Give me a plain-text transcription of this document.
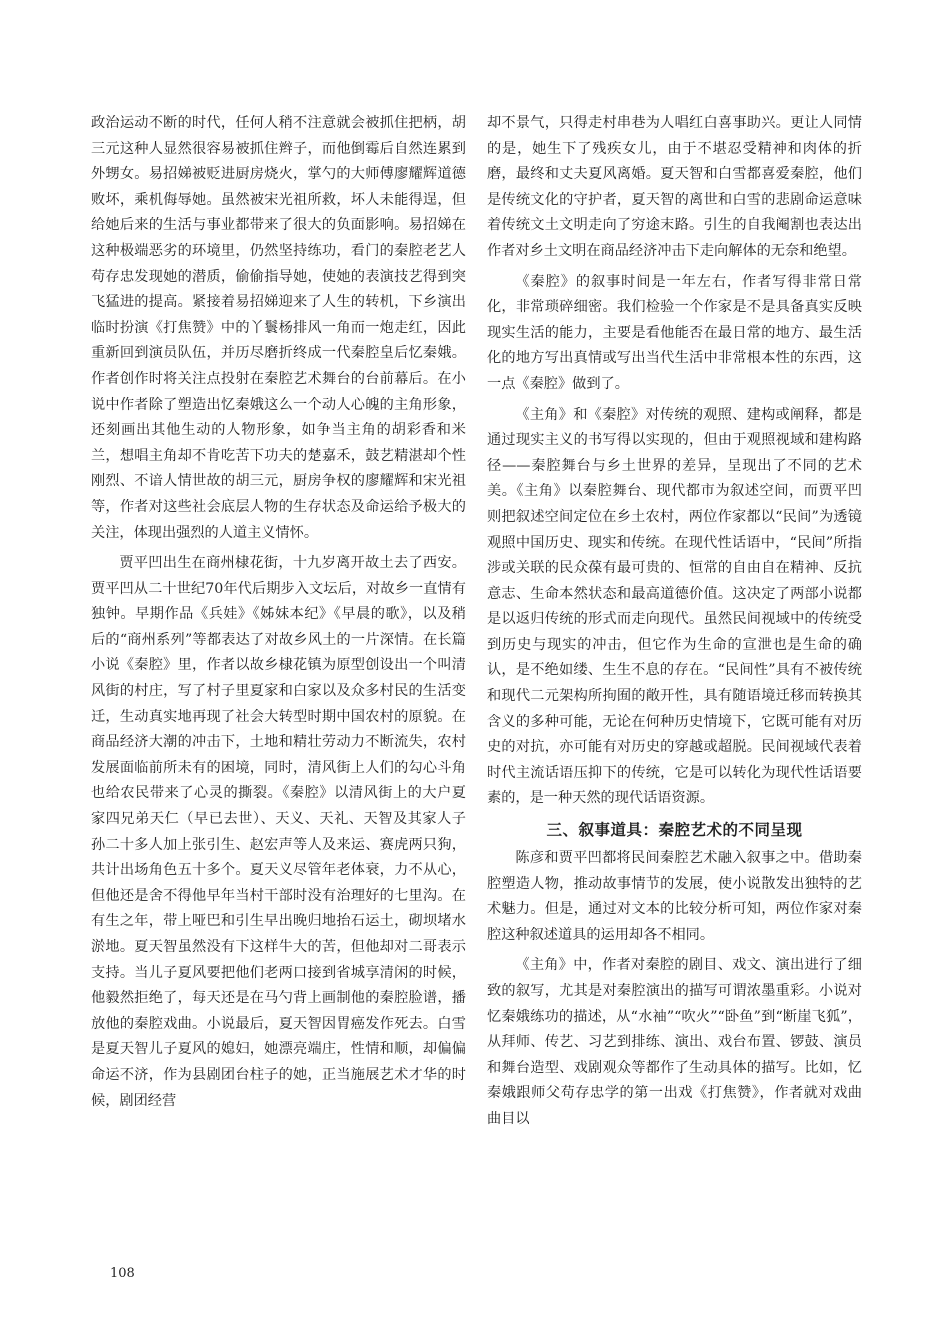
政治运动不断的时代，任何人稍不注意就会被抓住把柄，胡三元这种人显然很容易被抓住辫子，而他倒霉后自然连累到外甥女。易招娣被贬进厨房烧火，掌勺的大师傅廖耀辉道德败坏，乘机侮辱她。虽然被宋光祖所救，坏人未能得逞，但给她后来的生活与事业都带来了很大的负面影响。易招娣在这种极端恶劣的环境里，仍然坚持练功，看门的秦腔老艺人苟存忠发现她的潜质，偷偷指导她，使她的表演技艺得到突飞猛进的提高。紧接着易招娣迎来了人生的转机，下乡演出临时扮演《打焦赞》中的丫鬟杨排风一角而一炮走红，因此重新回到演员队伍，并历尽磨折终成一代秦腔皇后忆秦娥。作者创作时将关注点投射在秦腔艺术舞台的台前幕后。在小说中作者除了塑造出忆秦娥这么一个动人心魄的主角形象，还刻画出其他生动的人物形象，如争当主角的胡彩香和米兰，想唱主角却不肯吃苦下功夫的楚嘉禾，鼓艺精湛却个性刚烈、不谙人情世故的胡三元，厨房争权的廖耀辉和宋光祖等，作者对这些社会底层人物的生存状态及命运给予极大的关注，体现出强烈的人道主义情怀。

贾平凹出生在商州棣花街，十九岁离开故土去了西安。贾平凹从二十世纪70年代后期步入文坛后，对故乡一直情有独钟。早期作品《兵娃》《姊妹本纪》《早晨的歌》，以及稍后的“商州系列”等都表达了对故乡风土的一片深情。在长篇小说《秦腔》里，作者以故乡棣花镇为原型创设出一个叫清风街的村庄，写了村子里夏家和白家以及众多村民的生活变迁，生动真实地再现了社会大转型时期中国农村的原貌。在商品经济大潮的冲击下，土地和精壮劳动力不断流失，农村发展面临前所未有的困境，同时，清风街上人们的勾心斗角也给农民带来了心灵的撕裂。《秦腔》以清风街上的大户夏家四兄弟天仁（早已去世）、天义、天礼、天智及其家人子孙二十多人加上张引生、赵宏声等人及来运、赛虎两只狗，共计出场角色五十多个。夏天义尽管年老体衰，力不从心，但他还是舍不得他早年当村干部时没有治理好的七里沟。在有生之年，带上哑巴和引生早出晚归地抬石运土，砌坝堵水淤地。夏天智虽然没有下这样牛大的苦，但他却对二哥表示支持。当儿子夏风要把他们老两口接到省城享清闲的时候，他毅然拒绝了，每天还是在马勺背上画制他的秦腔脸谱，播放他的秦腔戏曲。小说最后，夏天智因胃癌发作死去。白雪是夏天智儿子夏风的媳妇，她漂亮端庄，性情和顺，却偏偏命运不济，作为县剧团台柱子的她，正当施展艺术才华的时候，剧团经营

却不景气，只得走村串巷为人唱红白喜事助兴。更让人同情的是，她生下了残疾女儿，由于不堪忍受精神和肉体的折磨，最终和丈夫夏风离婚。夏天智和白雪都喜爱秦腔，他们是传统文化的守护者，夏天智的离世和白雪的悲剧命运意味着传统文土文明走向了穷途末路。引生的自我阉割也表达出作者对乡土文明在商品经济冲击下走向解体的无奈和绝望。

《秦腔》的叙事时间是一年左右，作者写得非常日常化，非常琐碎细密。我们检验一个作家是不是具备真实反映现实生活的能力，主要是看他能否在最日常的地方、最生活化的地方写出真情或写出当代生活中非常根本性的东西，这一点《秦腔》做到了。

《主角》和《秦腔》对传统的观照、建构或阐释，都是通过现实主义的书写得以实现的，但由于观照视域和建构路径——秦腔舞台与乡土世界的差异，呈现出了不同的艺术美。《主角》以秦腔舞台、现代都市为叙述空间，而贾平凹则把叙述空间定位在乡土农村，两位作家都以“民间”为透镜观照中国历史、现实和传统。在现代性话语中，“民间”所指涉或关联的民众葆有最可贵的、恒常的自由自在精神、反抗意志、生命本然状态和最高道德价值。这决定了两部小说都是以返归传统的形式而走向现代。虽然民间视域中的传统受到历史与现实的冲击，但它作为生命的宣泄也是生命的确认，是不绝如缕、生生不息的存在。“民间性”具有不被传统和现代二元架构所拘囿的敞开性，具有随语境迁移而转换其含义的多种可能，无论在何种历史情境下，它既可能有对历史的对抗，亦可能有对历史的穿越或超脱。民间视域代表着时代主流话语压抑下的传统，它是可以转化为现代性话语要素的，是一种天然的现代话语资源。

三、叙事道具：秦腔艺术的不同呈现

陈彦和贾平凹都将民间秦腔艺术融入叙事之中。借助秦腔塑造人物，推动故事情节的发展，使小说散发出独特的艺术魅力。但是，通过对文本的比较分析可知，两位作家对秦腔这种叙述道具的运用却各不相同。

《主角》中，作者对秦腔的剧目、戏文、演出进行了细致的叙写，尤其是对秦腔演出的描写可谓浓墨重彩。小说对忆秦娥练功的描述，从“水袖”“吹火”“卧鱼”到“断崖飞狐”，从拜师、传艺、习艺到排练、演出、戏台布置、锣鼓、演员和舞台造型、戏剧观众等都作了生动具体的描写。比如，忆秦娥跟师父苟存忠学的第一出戏《打焦赞》，作者就对戏曲曲目以

108
